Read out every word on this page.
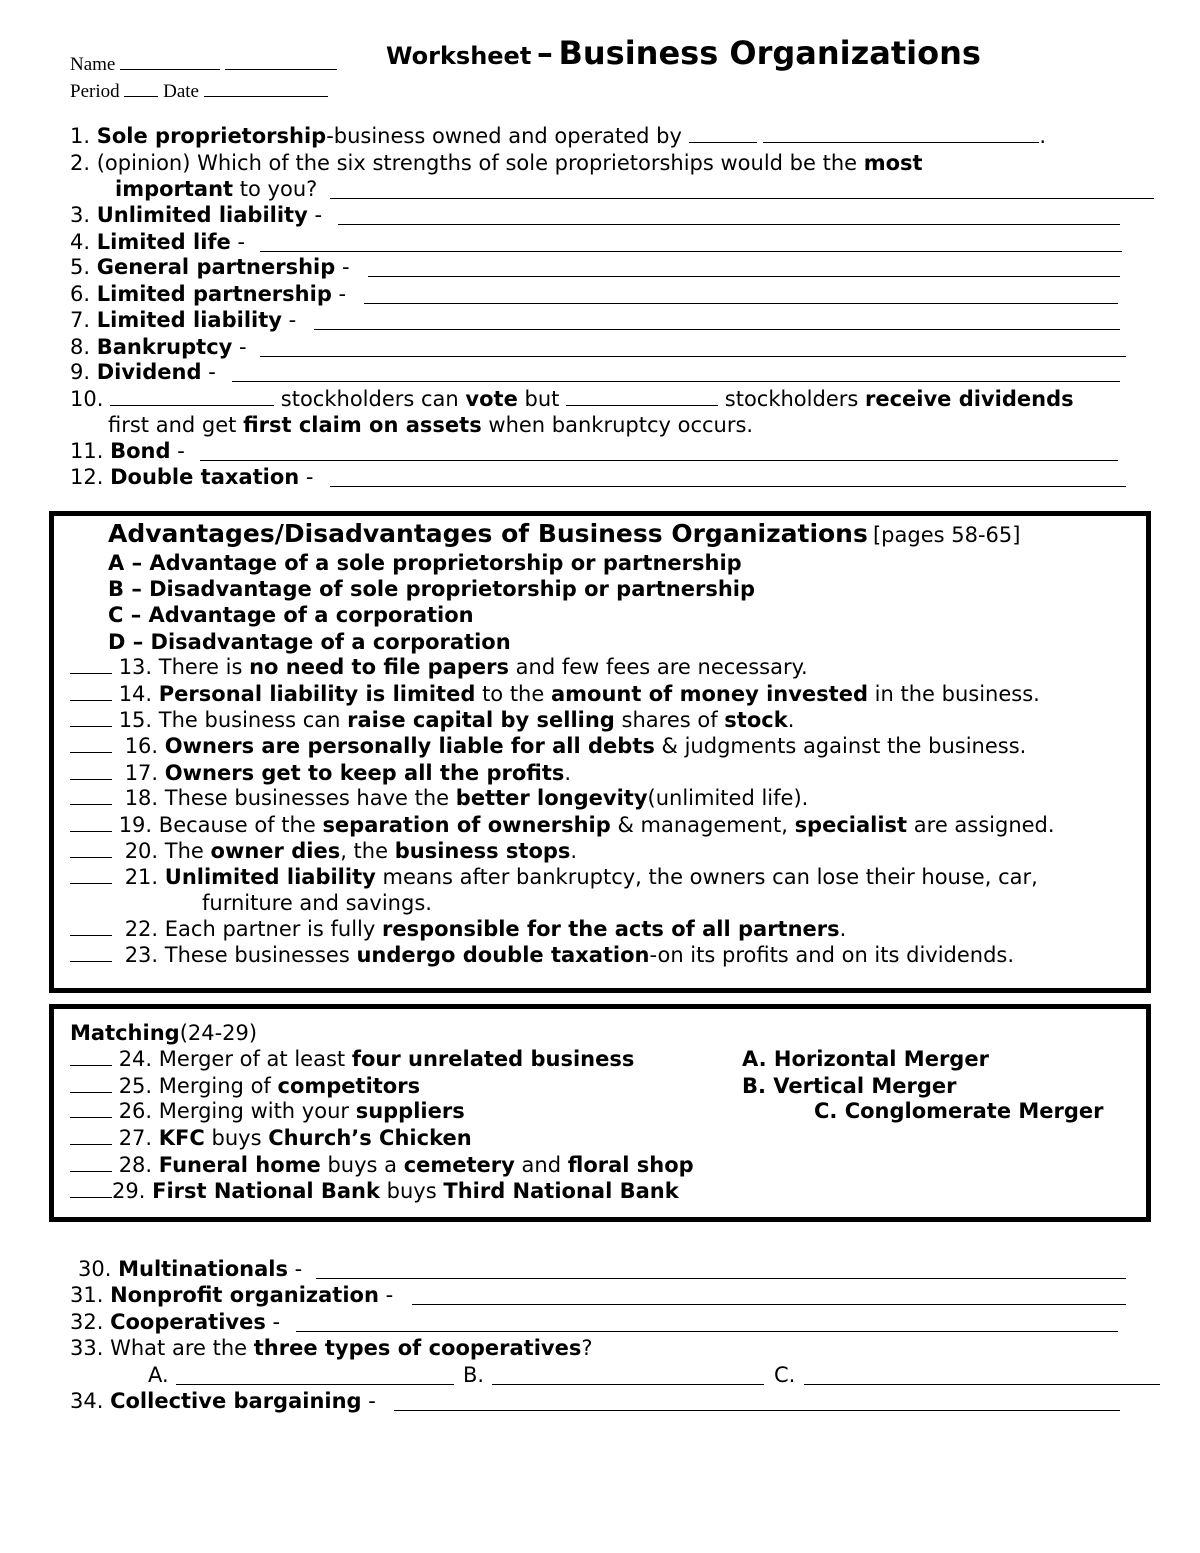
Name
Period Date
Worksheet – Business Organizations
1. Sole proprietorship-business owned and operated by	.
2. (opinion) Which of the six strengths of sole proprietorships would be the most
important to you?
3. Unlimited liability -
4. Limited life -
5. General partnership -
6. Limited partnership -
7. Limited liability -
8. Bankruptcy -
9. Dividend -
10.	stockholders can vote but	stockholders receive dividends
first and get first claim on assets when bankruptcy occurs.
11. Bond -
12. Double taxation -
Advantages/Disadvantages of Business Organizations [pages 58-65]
A – Advantage of a sole proprietorship or partnership
B – Disadvantage of sole proprietorship or partnership
C – Advantage of a corporation
D – Disadvantage of a corporation
13. There is no need to file papers and few fees are necessary.
14. Personal liability is limited to the amount of money invested in the business.
15. The business can raise capital by selling shares of stock.
16. Owners are personally liable for all debts & judgments against the business.
17. Owners get to keep all the profits.
18. These businesses have the better longevity(unlimited life).
19. Because of the separation of ownership & management, specialist are assigned.
20. The owner dies, the business stops.
21. Unlimited liability means after bankruptcy, the owners can lose their house, car,
furniture and savings.
22. Each partner is fully responsible for the acts of all partners.
23. These businesses undergo double taxation-on its profits and on its dividends.
Matching(24-29)
24. Merger of at least four unrelated business
25. Merging of competitors
26. Merging with your suppliers
27. KFC buys Church’s Chicken
28. Funeral home buys a cemetery and floral shop
29. First National Bank buys Third National Bank
A. Horizontal Merger
B. Vertical Merger
C. Conglomerate Merger
30. Multinationals -
31. Nonprofit organization -
32. Cooperatives -
33. What are the three types of cooperatives?
A.	B.	C.
34. Collective bargaining -
